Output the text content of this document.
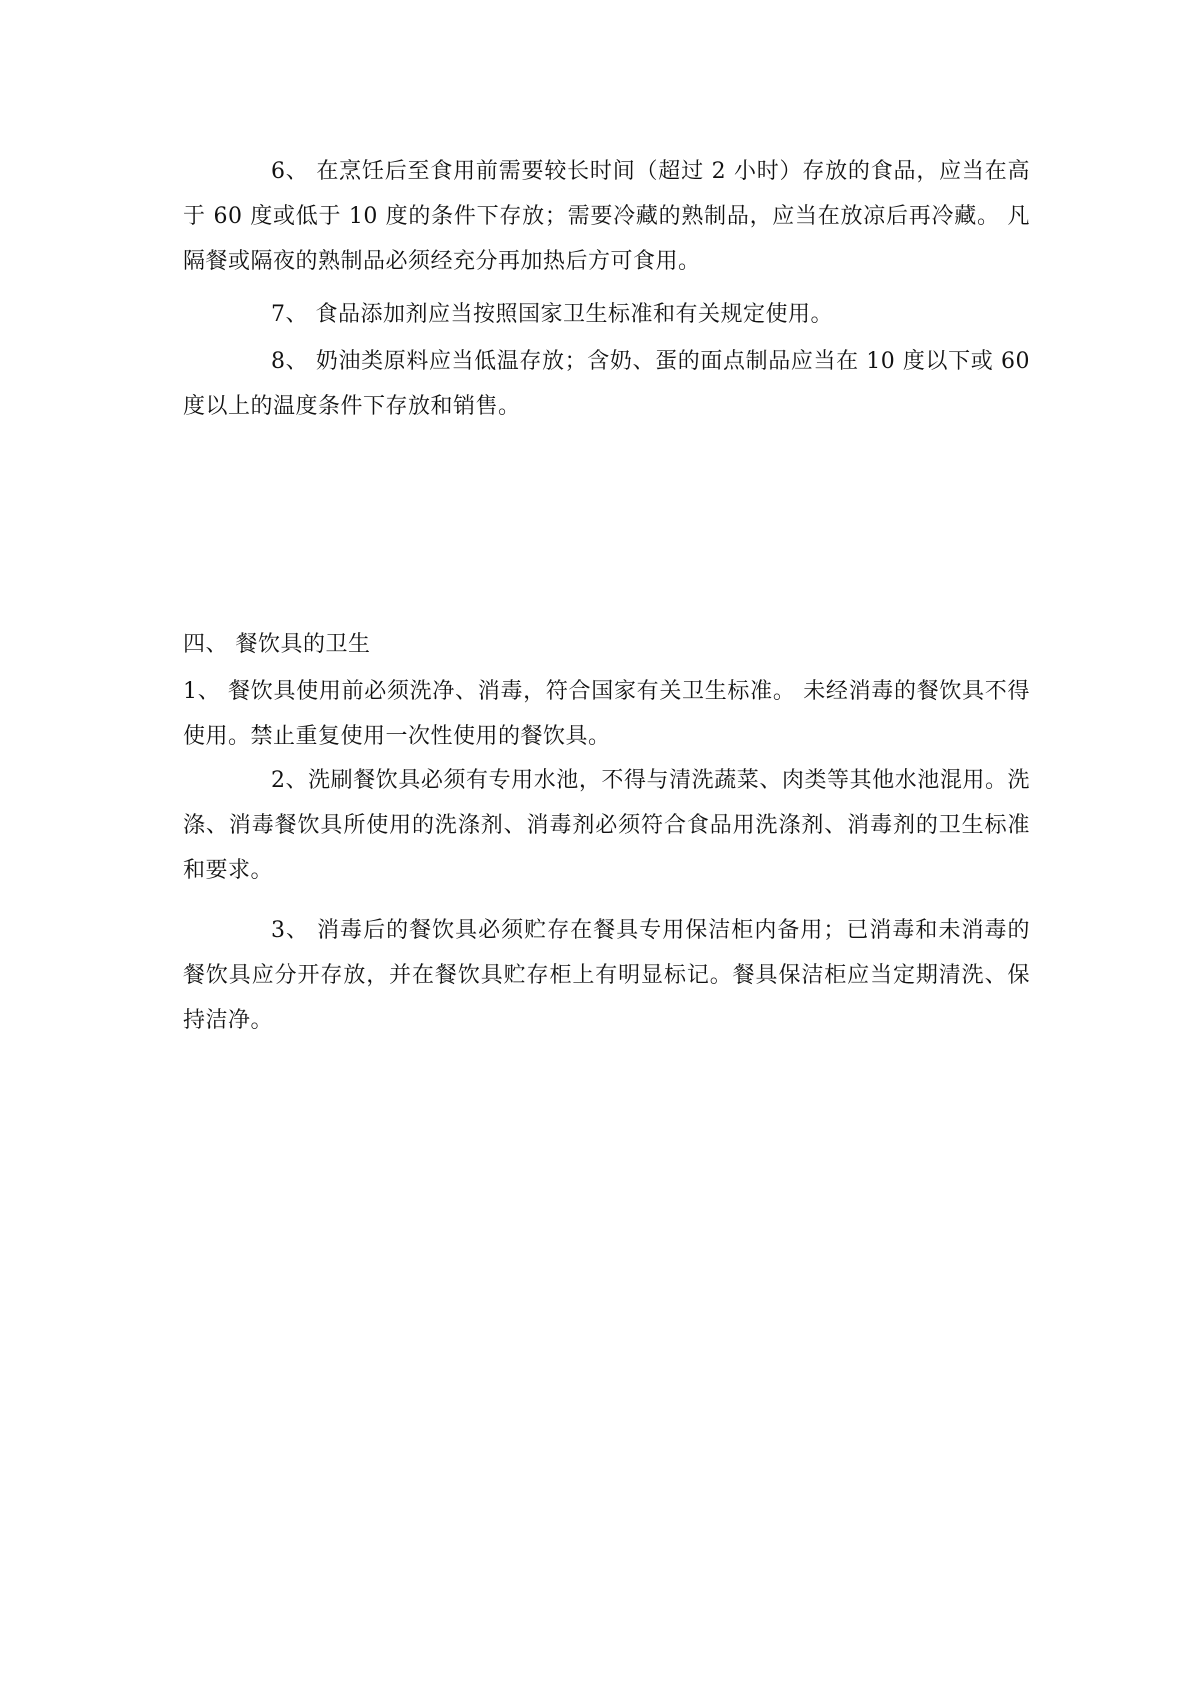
6、 在烹饪后至食用前需要较长时间（超过 2 小时）存放的食品，应当在高于 60 度或低于 10 度的条件下存放；需要冷藏的熟制品，应当在放凉后再冷藏。 凡隔餐或隔夜的熟制品必须经充分再加热后方可食用。

7、 食品添加剂应当按照国家卫生标准和有关规定使用。

8、 奶油类原料应当低温存放；含奶、蛋的面点制品应当在 10 度以下或 60 度以上的温度条件下存放和销售。

四、 餐饮具的卫生

1、 餐饮具使用前必须洗净、消毒，符合国家有关卫生标准。 未经消毒的餐饮具不得使用。禁止重复使用一次性使用的餐饮具。

2、洗刷餐饮具必须有专用水池，不得与清洗蔬菜、肉类等其他水池混用。洗涤、消毒餐饮具所使用的洗涤剂、消毒剂必须符合食品用洗涤剂、消毒剂的卫生标准和要求。

3、 消毒后的餐饮具必须贮存在餐具专用保洁柜内备用；已消毒和未消毒的餐饮具应分开存放，并在餐饮具贮存柜上有明显标记。餐具保洁柜应当定期清洗、保持洁净。
